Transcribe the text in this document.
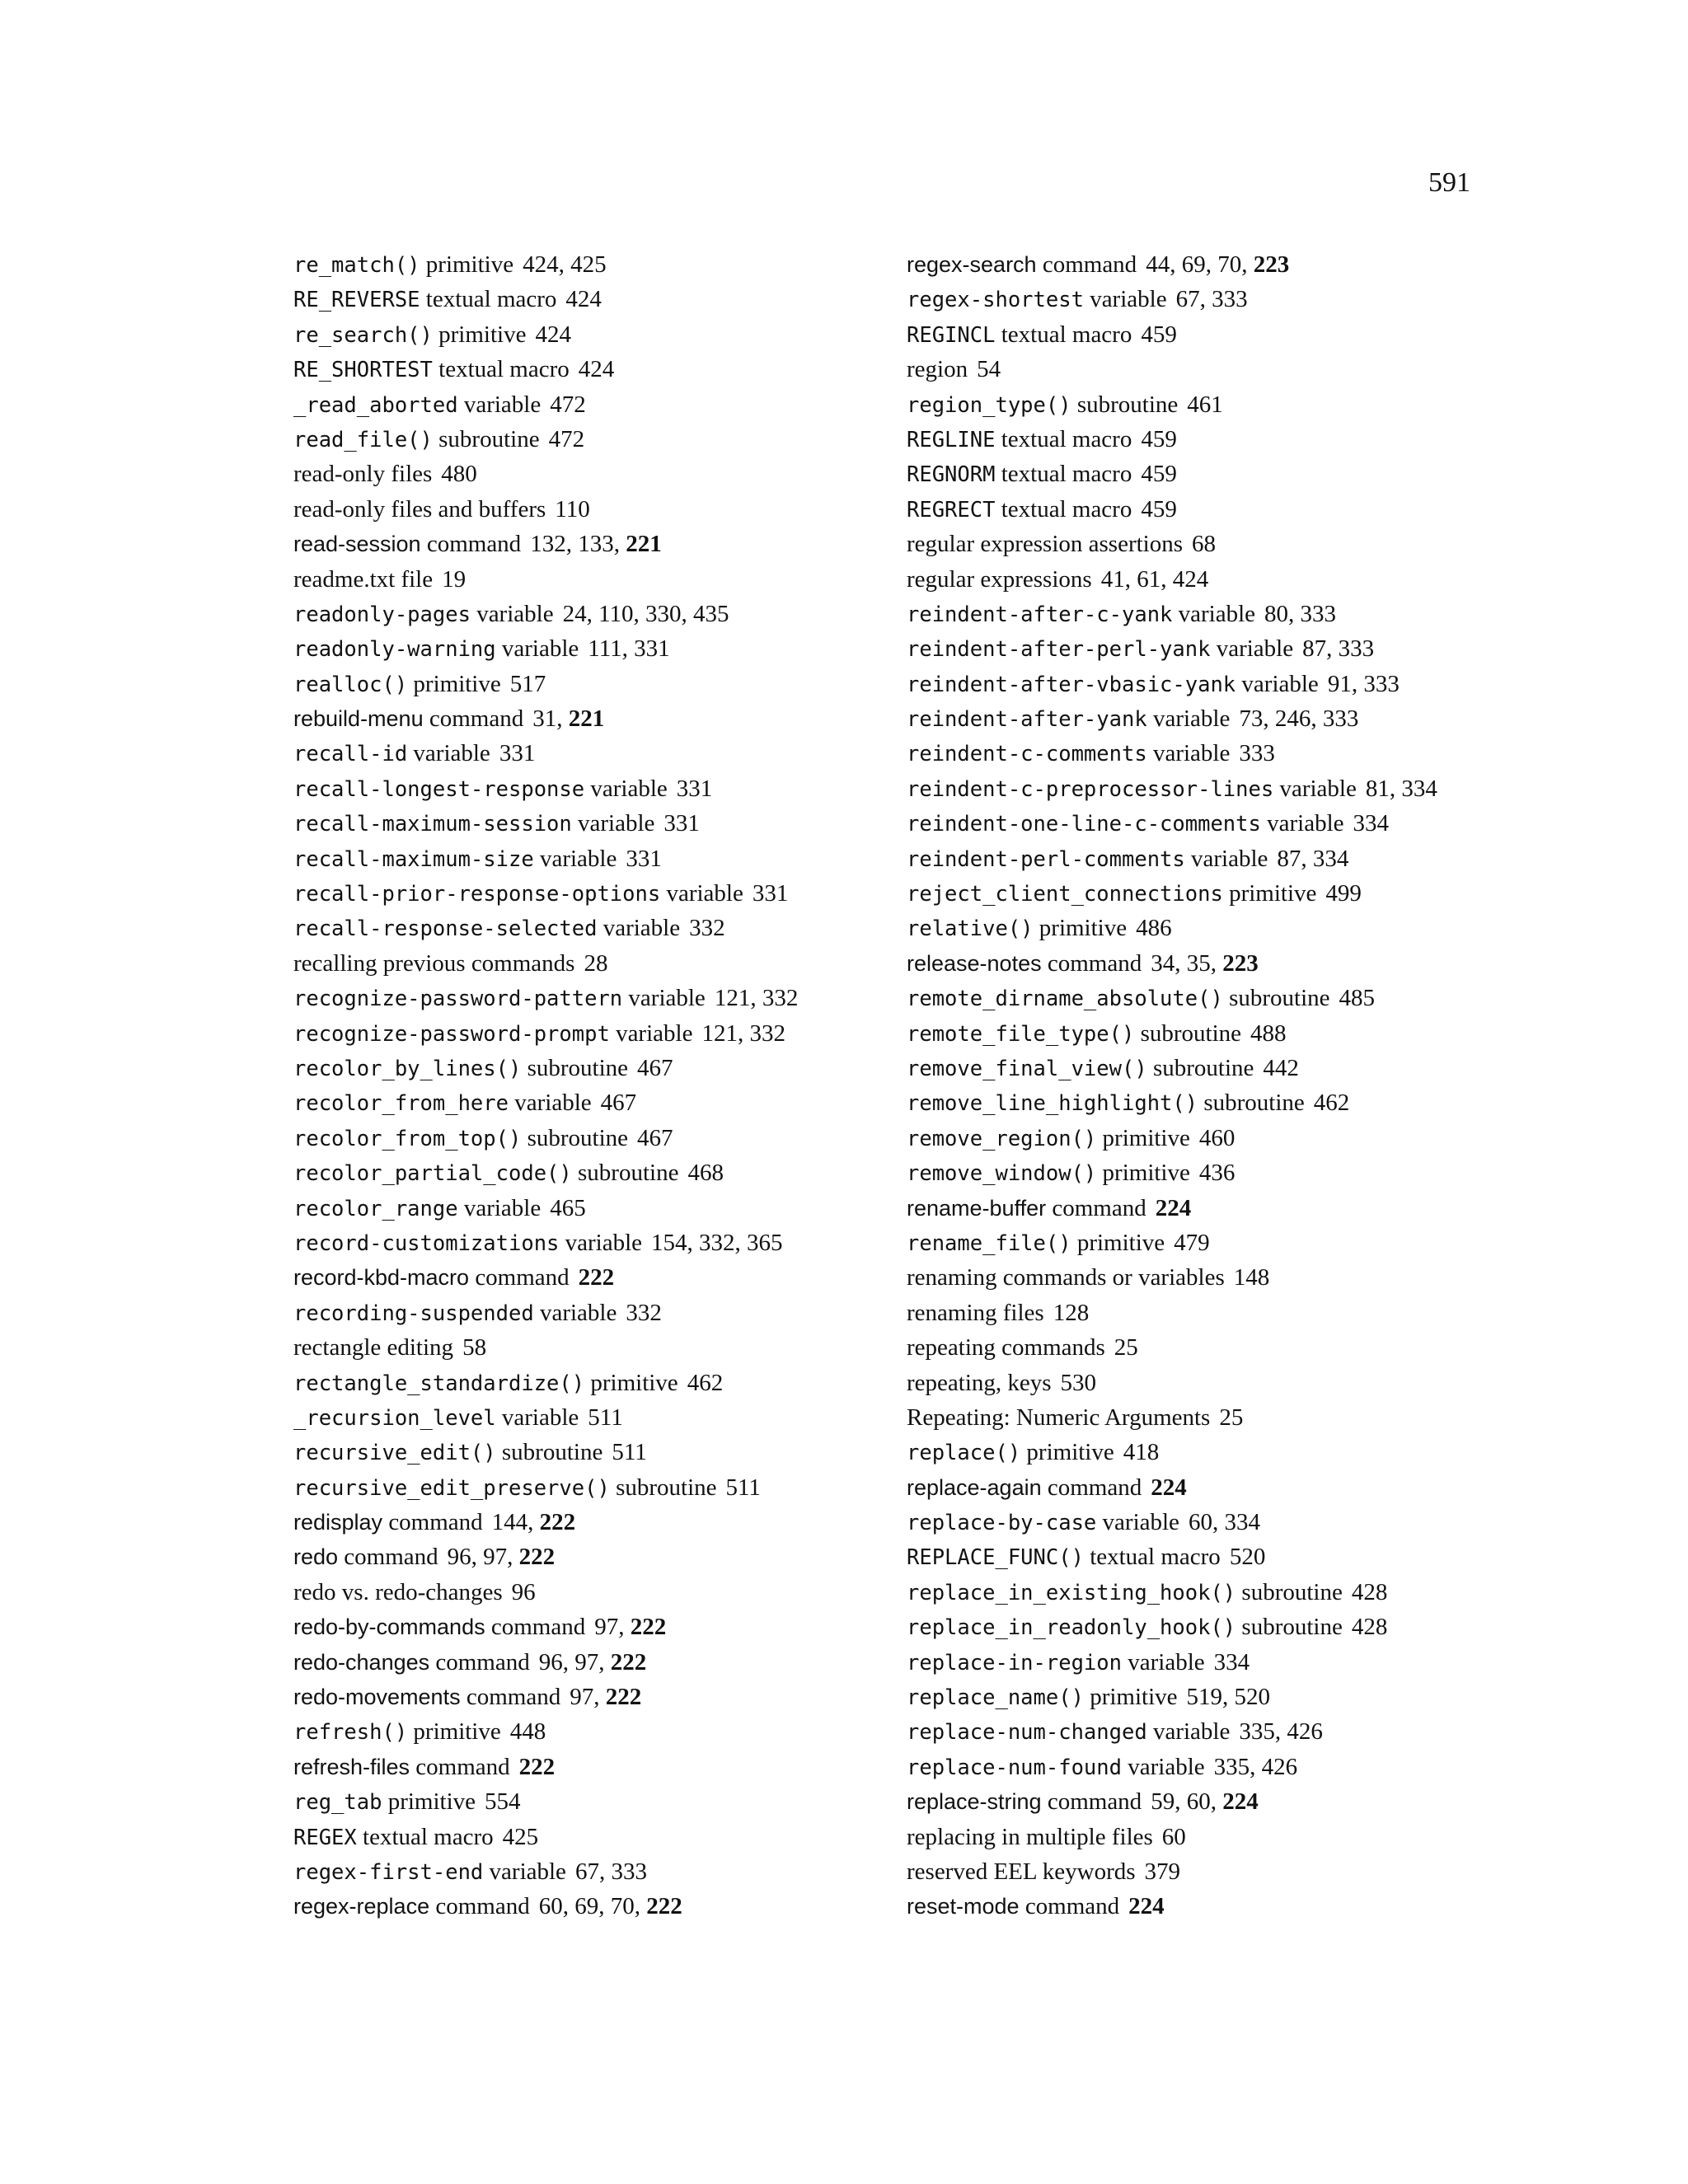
591
re_match() primitive 424, 425
RE_REVERSE textual macro 424
re_search() primitive 424
RE_SHORTEST textual macro 424
_read_aborted variable 472
read_file() subroutine 472
read-only files 480
read-only files and buffers 110
read-session command 132, 133, 221
readme.txt file 19
readonly-pages variable 24, 110, 330, 435
readonly-warning variable 111, 331
realloc() primitive 517
rebuild-menu command 31, 221
recall-id variable 331
recall-longest-response variable 331
recall-maximum-session variable 331
recall-maximum-size variable 331
recall-prior-response-options variable 331
recall-response-selected variable 332
recalling previous commands 28
recognize-password-pattern variable 121, 332
recognize-password-prompt variable 121, 332
recolor_by_lines() subroutine 467
recolor_from_here variable 467
recolor_from_top() subroutine 467
recolor_partial_code() subroutine 468
recolor_range variable 465
record-customizations variable 154, 332, 365
record-kbd-macro command 222
recording-suspended variable 332
rectangle editing 58
rectangle_standardize() primitive 462
_recursion_level variable 511
recursive_edit() subroutine 511
recursive_edit_preserve() subroutine 511
redisplay command 144, 222
redo command 96, 97, 222
redo vs. redo-changes 96
redo-by-commands command 97, 222
redo-changes command 96, 97, 222
redo-movements command 97, 222
refresh() primitive 448
refresh-files command 222
reg_tab primitive 554
REGEX textual macro 425
regex-first-end variable 67, 333
regex-replace command 60, 69, 70, 222
regex-search command 44, 69, 70, 223
regex-shortest variable 67, 333
REGINCL textual macro 459
region 54
region_type() subroutine 461
REGLINE textual macro 459
REGNORM textual macro 459
REGRECT textual macro 459
regular expression assertions 68
regular expressions 41, 61, 424
reindent-after-c-yank variable 80, 333
reindent-after-perl-yank variable 87, 333
reindent-after-vbasic-yank variable 91, 333
reindent-after-yank variable 73, 246, 333
reindent-c-comments variable 333
reindent-c-preprocessor-lines variable 81, 334
reindent-one-line-c-comments variable 334
reindent-perl-comments variable 87, 334
reject_client_connections primitive 499
relative() primitive 486
release-notes command 34, 35, 223
remote_dirname_absolute() subroutine 485
remote_file_type() subroutine 488
remove_final_view() subroutine 442
remove_line_highlight() subroutine 462
remove_region() primitive 460
remove_window() primitive 436
rename-buffer command 224
rename_file() primitive 479
renaming commands or variables 148
renaming files 128
repeating commands 25
repeating, keys 530
Repeating: Numeric Arguments 25
replace() primitive 418
replace-again command 224
replace-by-case variable 60, 334
REPLACE_FUNC() textual macro 520
replace_in_existing_hook() subroutine 428
replace_in_readonly_hook() subroutine 428
replace-in-region variable 334
replace_name() primitive 519, 520
replace-num-changed variable 335, 426
replace-num-found variable 335, 426
replace-string command 59, 60, 224
replacing in multiple files 60
reserved EEL keywords 379
reset-mode command 224
